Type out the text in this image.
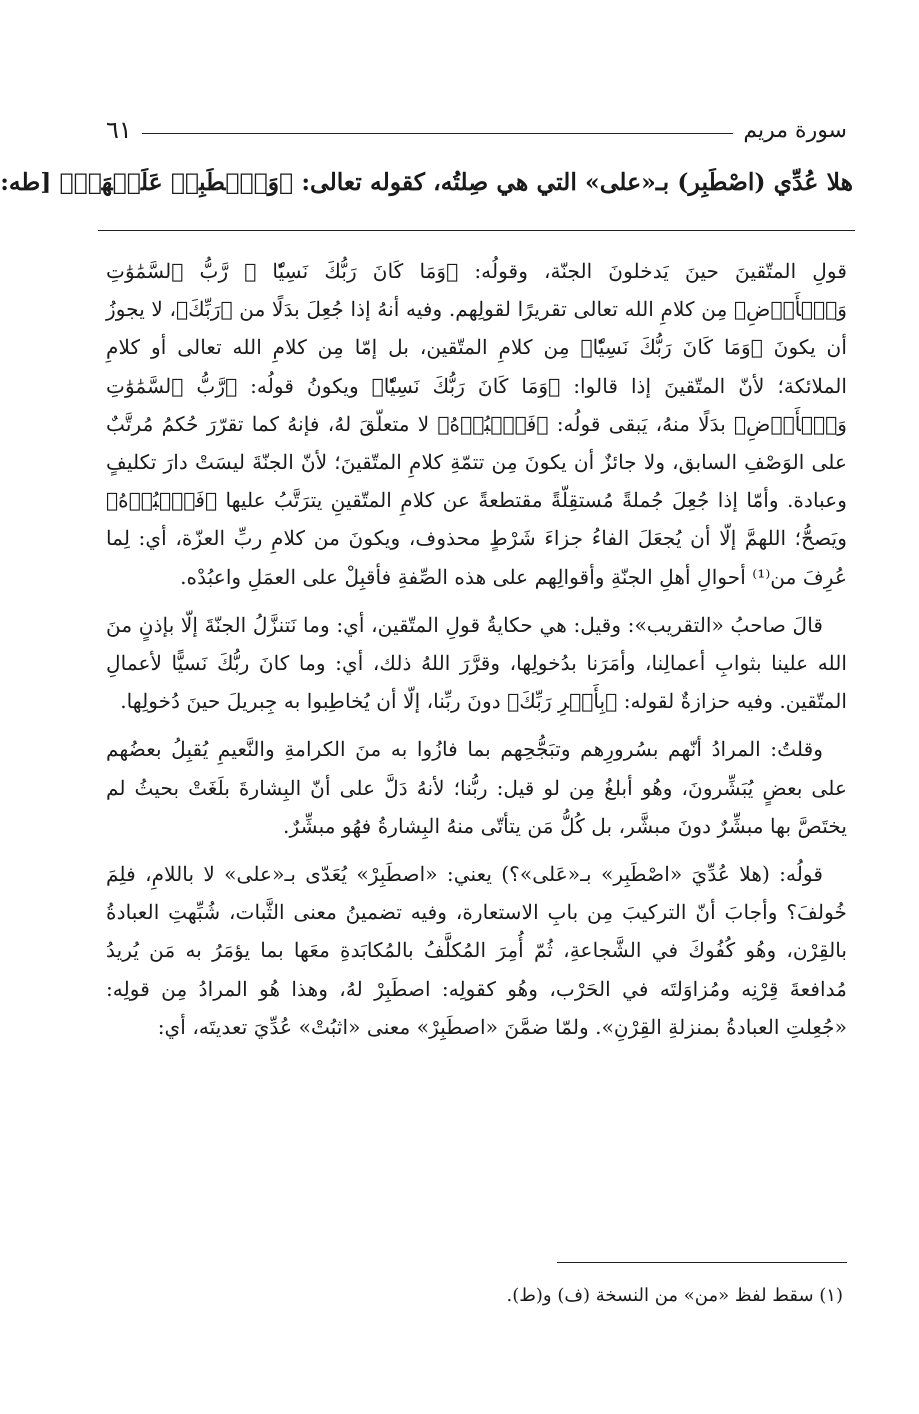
سورة مريم
٦١
هلا عُدِّي (اصْطَبِر) بـ«على» التي هي صِلتُه، كقوله تعالى: ﴿وَٱصۡطَبِرۡ عَلَيۡهَاۗ﴾ [طه:

قولِ المتّقينَ حينَ يَدخلونَ الجنّة، وقولُه: ﴿وَمَا كَانَ رَبُّكَ نَسِيّٗا ۞ رَّبُّ ٱلسَّمَٰوَٰتِ وَٱلۡأَرۡضِ﴾ مِن كلامِ الله تعالى تقريرًا لقولِهم. وفيه أنهُ إذا جُعِلَ بدَلًا من ﴿رَبِّكَ﴾، لا يجوزُ أن يكونَ ﴿وَمَا كَانَ رَبُّكَ نَسِيّٗا﴾ مِن كلامِ المتّقين، بل إمّا مِن كلامِ الله تعالى أو كلامِ الملائكة؛ لأنّ المتّقينَ إذا قالوا: ﴿وَمَا كَانَ رَبُّكَ نَسِيّٗا﴾ ويكونُ قولُه: ﴿رَّبُّ ٱلسَّمَٰوَٰتِ وَٱلۡأَرۡضِ﴾ بدَلًا منهُ، يَبقى قولُه: ﴿فَٱعۡبُدۡهُ﴾ لا متعلّقَ لهُ، فإنهُ كما تقرّرَ حُكمُ مُرتَّبٌ على الوَصْفِ السابق، ولا جائزٌ أن يكونَ مِن تتمّةِ كلامِ المتّقينَ؛ لأنّ الجنّةَ ليسَتْ دارَ تكليفٍ وعبادة. وأمّا إذا جُعِلَ جُملةً مُستقِلّةً مقتطعةً عن كلامِ المتّقينِ يترَتَّبُ عليها ﴿فَٱعۡبُدۡهُ﴾ ويَصحُّ؛ اللهمَّ إلّا أن يُجعَلَ الفاءُ جزاءَ شَرْطٍ محذوف، ويكونَ من كلامِ ربِّ العزّة، أي: لِما عُرِفَ من⁽¹⁾ أحوالِ أهلِ الجنّةِ وأقوالِهم على هذه الصِّفةِ فأقبِلْ على العمَلِ واعبُدْه.

قالَ صاحبُ «التقريب»: وقيل: هي حكايةُ قولِ المتّقين، أي: وما نَتنزَّلُ الجنّةَ إلّا بإذنٍ منَ الله علينا بثوابِ أعمالِنا، وأمَرَنا بدُخولِها، وقرَّرَ اللهُ ذلك، أي: وما كانَ ربُّكَ نَسيًّا لأعمالِ المتّقين. وفيه حزازةٌ لقوله: ﴿بِأَمۡرِ رَبِّكَ﴾ دونَ ربِّنا، إلّا أن يُخاطِبوا به جِبريلَ حينَ دُخولِها.

وقلتُ: المرادُ أنّهم بسُرورِهم وتبَجُّحِهم بما فازُوا به منَ الكرامةِ والنَّعيمِ يُقبِلُ بعضُهم على بعضٍ يُبَشِّرونَ، وهُو أبلغُ مِن لو قيل: ربُّنا؛ لأنهُ دَلَّ على أنّ البِشارةَ بلَغَتْ بحيثُ لم يختَصَّ بها مبشِّرٌ دونَ مبشَّر، بل كُلُّ مَن يتأتّى منهُ البِشارةُ فهُو مبشِّرٌ.

قولُه: (هلا عُدِّيَ «اصْطَبِر» بـ«عَلى»؟) يعني: «اصطَبِرْ» يُعَدّى بـ«على» لا باللامِ، فلِمَ خُولفَ؟ وأجابَ أنّ التركيبَ مِن بابِ الاستعارة، وفيه تضمينُ معنى الثَّبات، شُبِّهتِ العبادةُ بالقِرْن، وهُو كُفُوكَ في الشَّجاعةِ، ثُمّ أُمِرَ المُكلَّفُ بالمُكابَدةِ معَها بما يؤمَرُ به مَن يُريدُ مُدافعةَ قِرْنِه ومُزاوَلتَه في الحَرْب، وهُو كقولِه: اصطَبِرْ لهُ، وهذا هُو المرادُ مِن قولِه: «جُعِلتِ العبادةُ بمنزلةِ القِرْنِ». ولمّا ضمَّنَ «اصطَبِرْ» معنى «اثبُتْ» عُدِّيَ تعديتَه، أي:

(١) سقط لفظ «من» من النسخة (ف) و(ط).
